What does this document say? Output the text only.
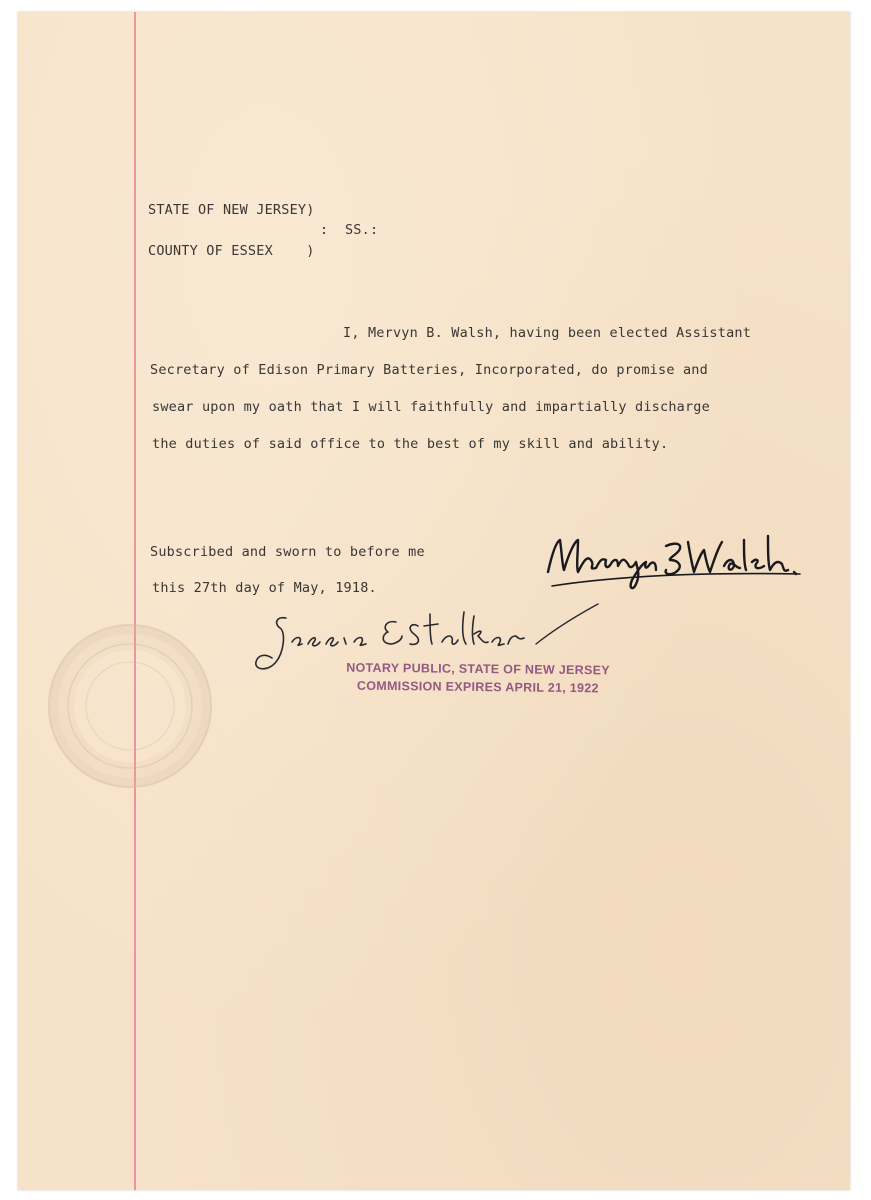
STATE OF NEW JERSEY)
:  SS.:
COUNTY OF ESSEX    )
I, Mervyn B. Walsh, having been elected Assistant
Secretary of Edison Primary Batteries, Incorporated, do promise and
swear upon my oath that I will faithfully and impartially discharge
the duties of said office to the best of my skill and ability.
Subscribed and sworn to before me
this 27th day of May, 1918.
NOTARY PUBLIC, STATE OF NEW JERSEY
COMMISSION EXPIRES APRIL 21, 1922
